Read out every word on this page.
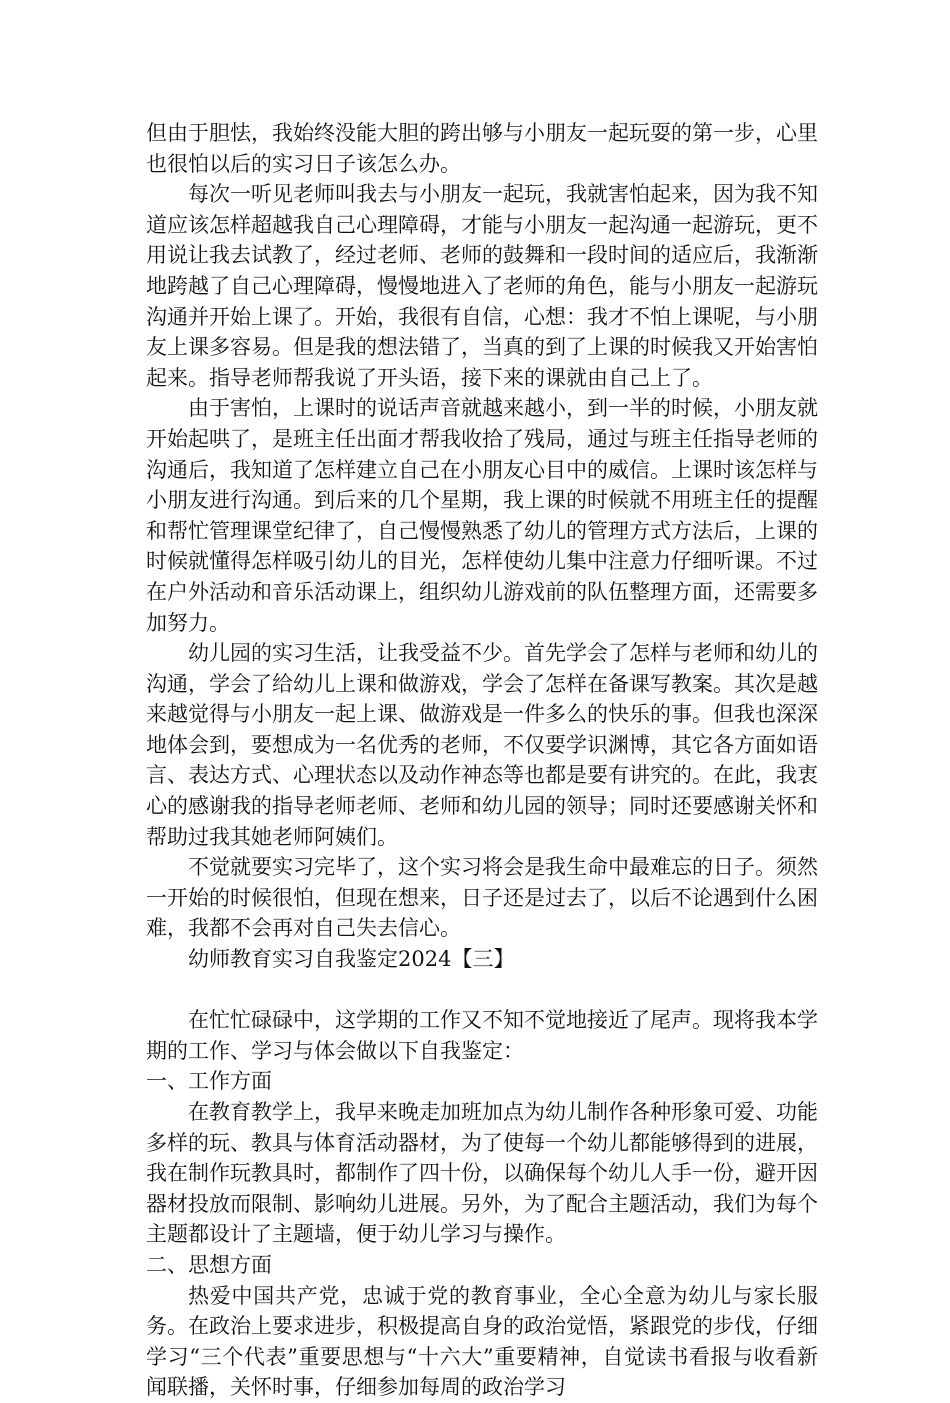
但由于胆怯，我始终没能大胆的跨出够与小朋友一起玩耍的第一步，心里也很怕以后的实习日子该怎么办。

每次一听见老师叫我去与小朋友一起玩，我就害怕起来，因为我不知道应该怎样超越我自己心理障碍，才能与小朋友一起沟通一起游玩，更不用说让我去试教了，经过老师、老师的鼓舞和一段时间的适应后，我渐渐地跨越了自己心理障碍，慢慢地进入了老师的角色，能与小朋友一起游玩沟通并开始上课了。开始，我很有自信，心想：我才不怕上课呢，与小朋友上课多容易。但是我的想法错了，当真的到了上课的时候我又开始害怕起来。指导老师帮我说了开头语，接下来的课就由自己上了。

由于害怕，上课时的说话声音就越来越小，到一半的时候，小朋友就开始起哄了，是班主任出面才帮我收拾了残局，通过与班主任指导老师的沟通后，我知道了怎样建立自己在小朋友心目中的威信。上课时该怎样与小朋友进行沟通。到后来的几个星期，我上课的时候就不用班主任的提醒和帮忙管理课堂纪律了，自己慢慢熟悉了幼儿的管理方式方法后，上课的时候就懂得怎样吸引幼儿的目光，怎样使幼儿集中注意力仔细听课。不过在户外活动和音乐活动课上，组织幼儿游戏前的队伍整理方面，还需要多加努力。

幼儿园的实习生活，让我受益不少。首先学会了怎样与老师和幼儿的沟通，学会了给幼儿上课和做游戏，学会了怎样在备课写教案。其次是越来越觉得与小朋友一起上课、做游戏是一件多么的快乐的事。但我也深深地体会到，要想成为一名优秀的老师，不仅要学识渊博，其它各方面如语言、表达方式、心理状态以及动作神态等也都是要有讲究的。在此，我衷心的感谢我的指导老师老师、老师和幼儿园的领导；同时还要感谢关怀和帮助过我其她老师阿姨们。

不觉就要实习完毕了，这个实习将会是我生命中最难忘的日子。须然一开始的时候很怕，但现在想来，日子还是过去了，以后不论遇到什么困难，我都不会再对自己失去信心。

幼师教育实习自我鉴定2024【三】

在忙忙碌碌中，这学期的工作又不知不觉地接近了尾声。现将我本学期的工作、学习与体会做以下自我鉴定：

一、工作方面

在教育教学上，我早来晚走加班加点为幼儿制作各种形象可爱、功能多样的玩、教具与体育活动器材，为了使每一个幼儿都能够得到的进展，我在制作玩教具时，都制作了四十份，以确保每个幼儿人手一份，避开因器材投放而限制、影响幼儿进展。另外，为了配合主题活动，我们为每个主题都设计了主题墙，便于幼儿学习与操作。

二、思想方面

热爱中国共产党，忠诚于党的教育事业，全心全意为幼儿与家长服务。在政治上要求进步，积极提高自身的政治觉悟，紧跟党的步伐，仔细学习“三个代表”重要思想与“十六大”重要精神，自觉读书看报与收看新闻联播，关怀时事，仔细参加每周的政治学习
